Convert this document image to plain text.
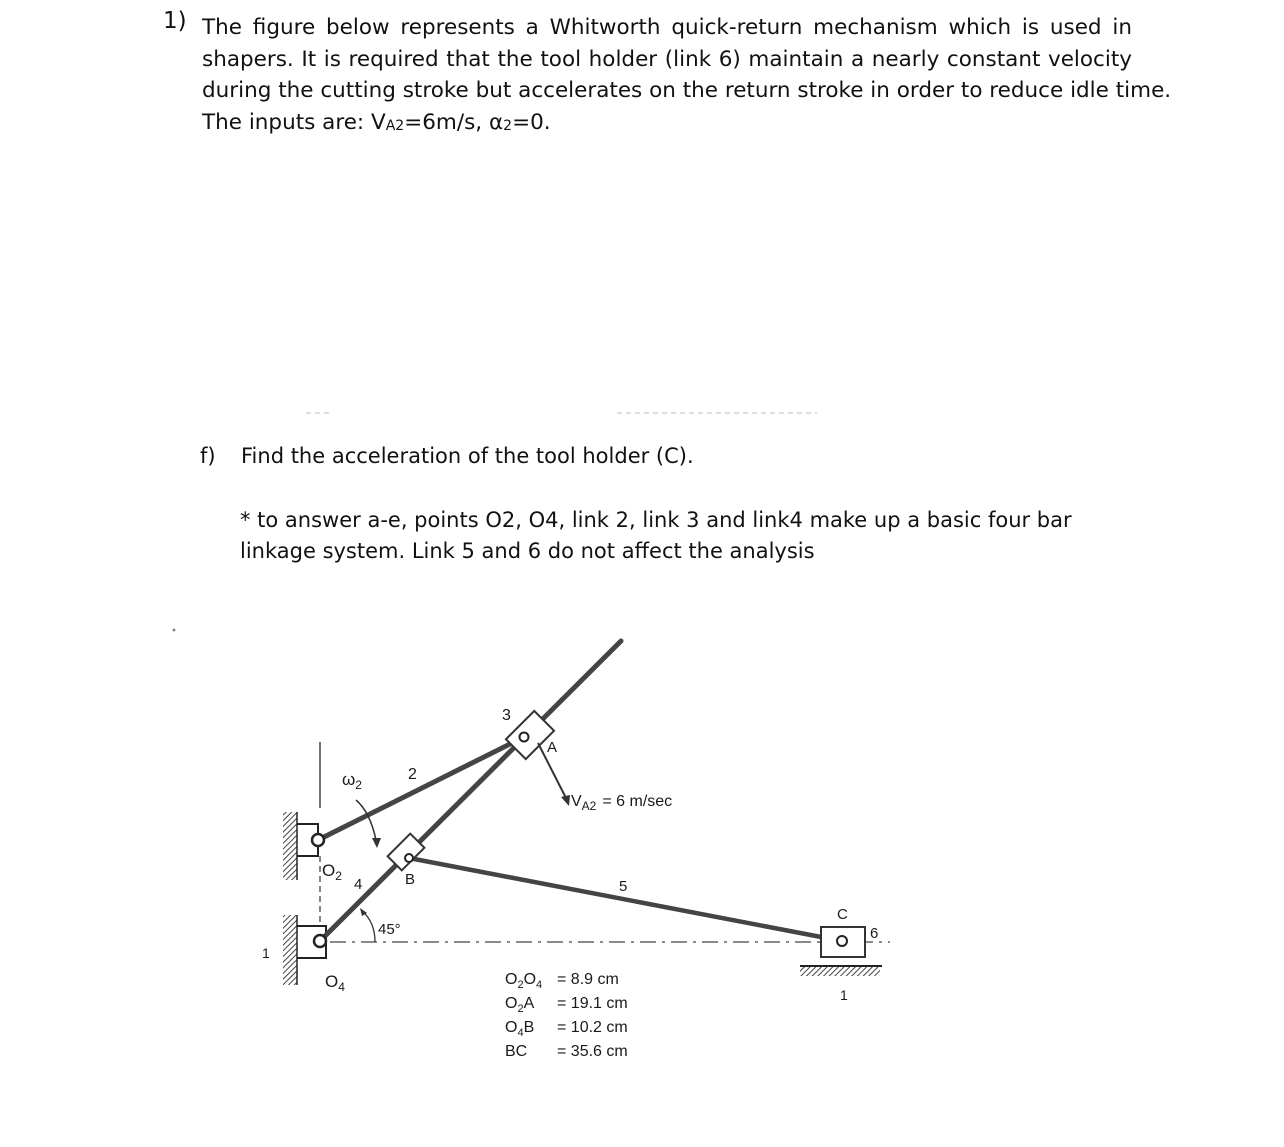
1) The figure below represents a Whitworth quick-return mechanism which is used in
shapers. It is required that the tool holder (link 6) maintain a nearly constant velocity
during the cutting stroke but accelerates on the return stroke in order to reduce idle time.
The inputs are: VA2=6m/s, α2=0.
f) Find the acceleration of the tool holder (C).
* to answer a-e, points O2, O4, link 2, link 3 and link4 make up a basic four bar
linkage system. Link 5 and 6 do not affect the analysis
3
A
2
$\omega_2$
$O_2$ 4	B	5
C
6
1
1
45°
$O_4$
$V_{A2} = 6$ m/sec
$O_2O_4 = 8.9$ cm
$O_2A = 19.1$ cm
$O_4B = 10.2$ cm
BC = 35.6 cm
